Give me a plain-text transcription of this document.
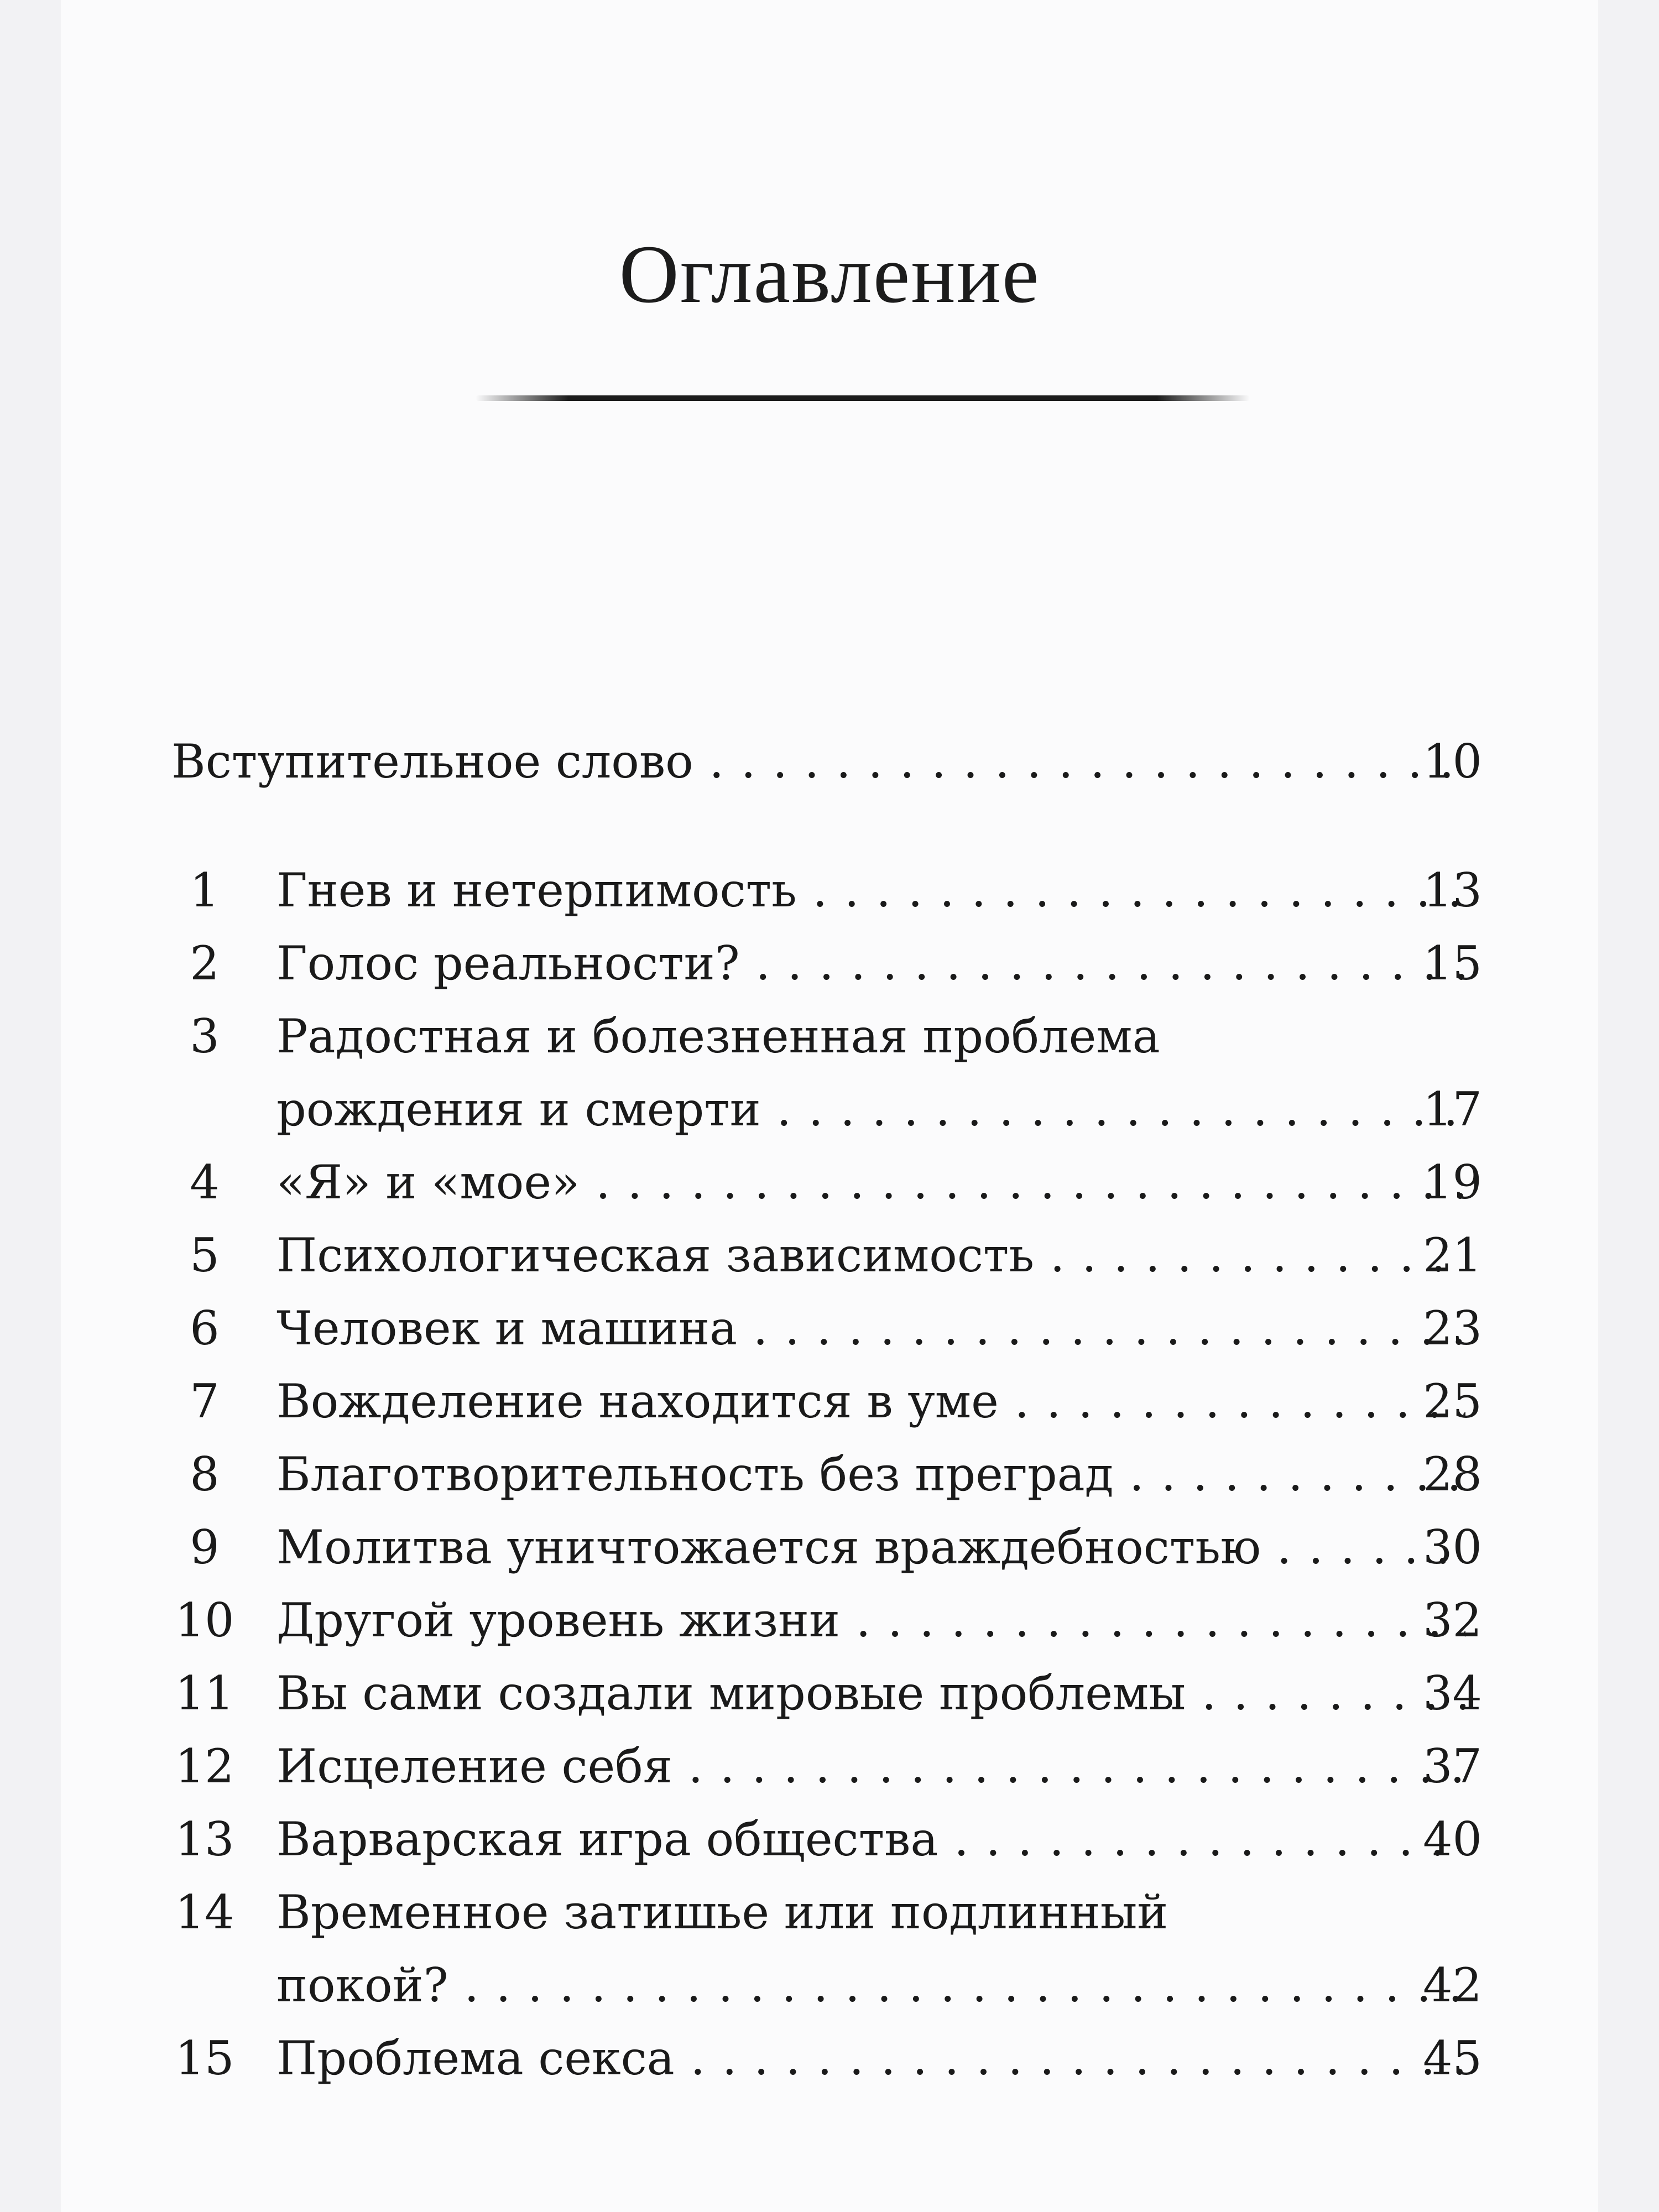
Оглавление
Вступительное слово . . .	10
1	Гнев и нетерпимость . . .	13
2	Голос реальности? . . .	15
3	Радостная и болезненная проблема
рождения и смерти . . .	17
4	«Я» и «мое» . . .	19
5	Психологическая зависимость . . .	21
6	Человек и машина . . .	23
7	Вожделение находится в уме . . .	25
8	Благотворительность без преград . . .	28
9	Молитва уничтожается враждебностью . . .	30
10 Другой уровень жизни . . .	32
11 Вы сами создали мировые проблемы . . .	34
12 Исцеление себя . . .	37
13 Варварская игра общества . . .	40
14 Временное затишье или подлинный
покой? . . .	42
15 Проблема секса . . .	45
